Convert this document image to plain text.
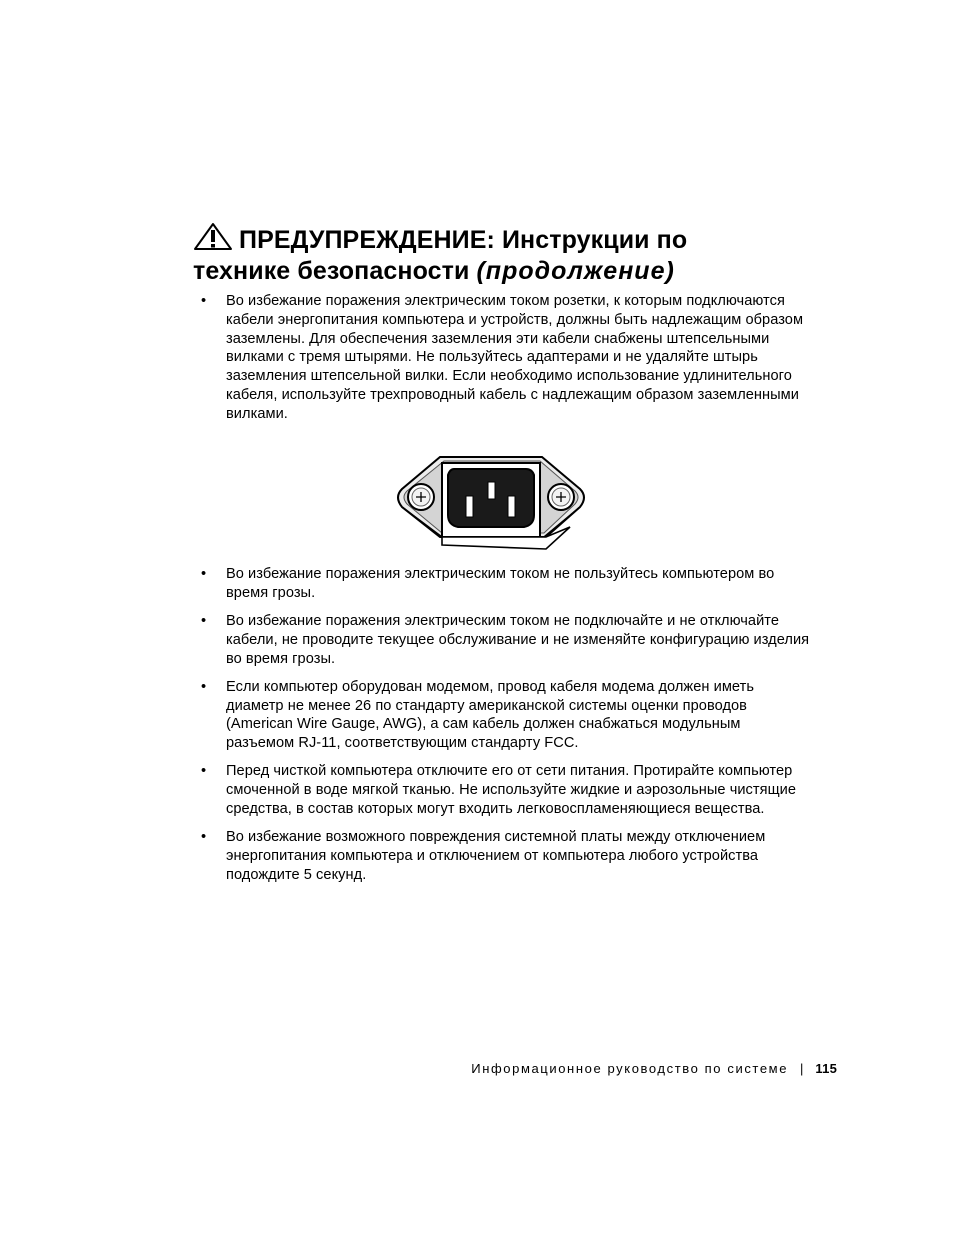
ПРЕДУПРЕЖДЕНИЕ: Инструкции по
технике безопасности (продолжение)
• Во избежание поражения электрическим током розетки, к которым подключаются кабели энергопитания компьютера и устройств, должны быть надлежащим образом заземлены. Для обеспечения заземления эти кабели снабжены штепсельными вилками с тремя штырями. Не пользуйтесь адаптерами и не удаляйте штырь заземления штепсельной вилки. Если необходимо использование удлинительного кабеля, используйте трехпроводный кабель с надлежащим образом заземленными вилками.
• Во избежание поражения электрическим током не пользуйтесь компьютером во время грозы.
• Во избежание поражения электрическим током не подключайте и не отключайте кабели, не проводите текущее обслуживание и не изменяйте конфигурацию изделия во время грозы.
• Если компьютер оборудован модемом, провод кабеля модема должен иметь диаметр не менее 26 по стандарту американской системы оценки проводов (American Wire Gauge, AWG), а сам кабель должен снабжаться модульным разъемом RJ-11, соответствующим стандарту FCC.
• Перед чисткой компьютера отключите его от сети питания. Протирайте компьютер смоченной в воде мягкой тканью. Не используйте жидкие и аэрозольные чистящие средства, в состав которых могут входить легковоспламеняющиеся вещества.
• Во избежание возможного повреждения системной платы между отключением энергопитания компьютера и отключением от компьютера любого устройства подождите 5 секунд.
Информационное руководство по системе | 115
